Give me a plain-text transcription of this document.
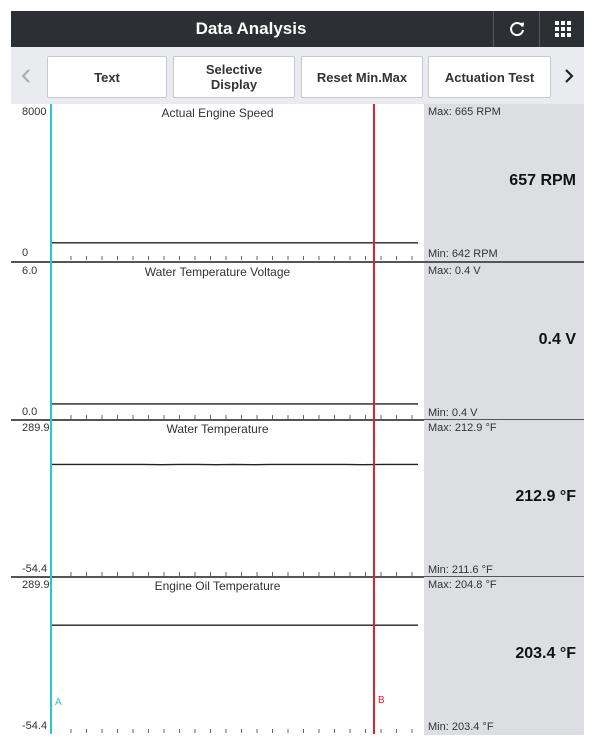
Data Analysis
Text	Selective
Display	Reset Min.Max	Actuation Test
Actual Engine Speed
8000
0
Max: 665 RPM
Min: 642 RPM
657 RPM
Water Temperature Voltage
6.0
0.0
Max: 0.4 V
Min: 0.4 V
0.4 V
Water Temperature
289.9
-54.4
Max: 212.9 °F
Min: 211.6 °F
212.9 °F
Engine Oil Temperature
289.9
-54.4
Max: 204.8 °F
Min: 203.4 °F
203.4 °F
A	B
